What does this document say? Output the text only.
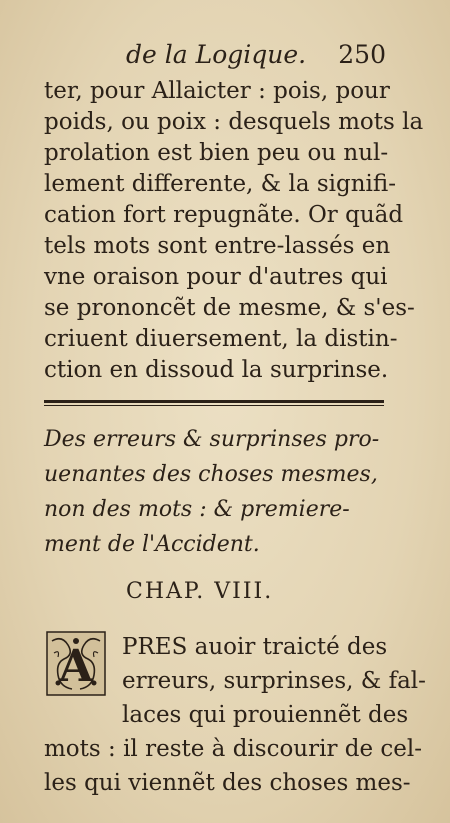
de la Logique. 250
ter, pour Allaicter : pois, pour
poids, ou poix : desquels mots la
prolation est bien peu ou nul-
lement differente, & la signifi-
cation fort repugnãte. Or quãd
tels mots sont entre-lassés en
vne oraison pour d'autres qui
se prononcẽt de mesme, & s'es-
criuent diuersement, la distin-
ction en dissoud la surprinse.
Des erreurs & surprinses pro-
uenantes des choses mesmes,
non des mots : & premiere-
ment de l'Accident.
CHAP. VIII.
A	PRES auoir traicté des
erreurs, surprinses, & fal-
laces qui prouiennẽt des
mots : il reste à discourir de cel-
les qui viennẽt des choses mes-
